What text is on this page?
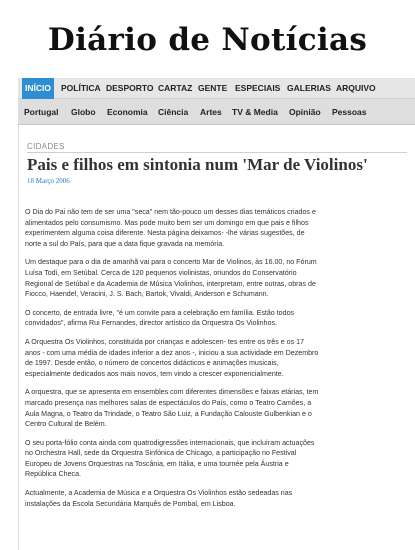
Diário de Notícias
INÍCIO	POLÍTICA DESPORTO CARTAZ GENTE ESPECIAIS GALERIAS ARQUIVO
Portugal Globo Economia Ciência Artes TV & Media Opinião Pessoas
CIDADES
Pais e filhos em sintonia num 'Mar de Violinos'
18 Março 2006

O Dia do Pai não tem de ser uma "seca" nem tão-pouco um desses dias temáticos criados e alimentados pelo consumismo. Mas pode muito bem ser um domingo em que pais e filhos experimentem alguma coisa diferente. Nesta página deixamos- -lhe várias sugestões, de norte a sul do País, para que a data fique gravada na memória.

Um destaque para o dia de amanhã vai para o concerto Mar de Violinos, às 16.00, no Fórum Luísa Todi, em Setúbal. Cerca de 120 pequenos violinistas, oriundos do Conservatório Regional de Setúbal e da Academia de Música Violinhos, interpretam, entre outras, obras de Fiocco, Haendel, Veracini, J. S. Bach, Bartok, Vivaldi, Anderson e Schumann.

O concerto, de entrada livre, "é um convite para a celebração em família. Estão todos convidados", afirma Rui Fernandes, director artístico da Orquestra Os Violinhos.

A Orquestra Os Violinhos, constituída por crianças e adolescen- tes entre os três e os 17 anos - com uma média de idades inferior a dez anos -, iniciou a sua actividade em Dezembro de 1997. Desde então, o número de concertos didácticos e animações musicais, especialmente dedicados aos mais novos, tem vindo a crescer exponencialmente.

A orquestra, que se apresenta em ensembles com diferentes dimensões e faixas etárias, tem marcado presença nas melhores salas de espectáculos do País, como o Teatro Camões, a Aula Magna, o Teatro da Trindade, o Teatro São Luiz, a Fundação Calouste Gulbenkian e o Centro Cultural de Belém.

O seu porta-fólio conta ainda com quatrodigressões internacionais, que incluíram actuações no Orchestra Hall, sede da Orquestra Sinfónica de Chicago, a participação no Festival Europeu de Jovens Orquestras na Toscânia, em Itália, e uma tournée pela Áustria e República Checa.

Actualmente, a Academia de Música e a Orquestra Os Violinhos estão sedeadas nas instalações da Escola Secundária Marquês de Pombal, em Lisboa.
